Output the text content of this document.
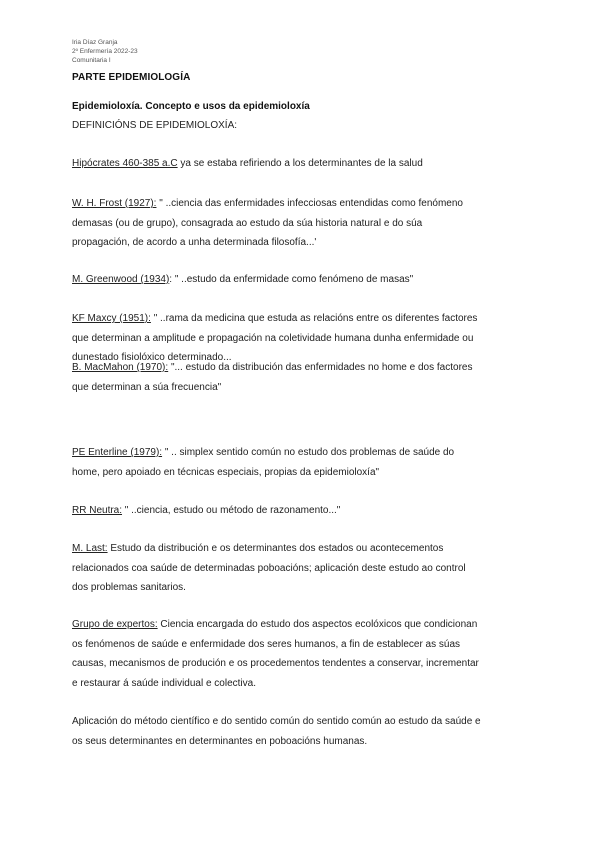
Iria Díaz Granja
2º Enfermería 2022-23
Comunitaria I
PARTE EPIDEMIOLOGÍA
Epidemioloxía. Concepto e usos da epidemioloxía
DEFINICIÓNS DE EPIDEMIOLOXÍA:
Hipócrates 460-385 a.C ya se estaba refiriendo a los determinantes de la salud
W. H. Frost (1927): " ..ciencia das enfermidades infecciosas entendidas como fenómeno
demasas (ou de grupo), consagrada ao estudo da súa historia natural e do súa
propagación, de acordo a unha determinada filosofía...'
M. Greenwood (1934): " ..estudo da enfermidade como fenómeno de masas"
KF Maxcy (1951): " ..rama da medicina que estuda as relacións entre os diferentes factores
que determinan a amplitude e propagación na coletividade humana dunha enfermidade ou
dunestado fisiolóxico determinado...
B. MacMahon (1970): "... estudo da distribución das enfermidades no home e dos factores
que determinan a súa frecuencia"
PE Enterline (1979): " .. simplex sentido común no estudo dos problemas de saúde do
home, pero apoiado en técnicas especiais, propias da epidemioloxía"
RR Neutra: " ..ciencia, estudo ou método de razonamento..."
M. Last: Estudo da distribución e os determinantes dos estados ou acontecementos
relacionados coa saúde de determinadas poboacións; aplicación deste estudo ao control
dos problemas sanitarios.
Grupo de expertos: Ciencia encargada do estudo dos aspectos ecolóxicos que condicionan
os fenómenos de saúde e enfermidade dos seres humanos, a fin de establecer as súas
causas, mecanismos de produción e os procedementos tendentes a conservar, incrementar
e restaurar á saúde individual e colectiva.
Aplicación do método científico e do sentido común do sentido común ao estudo da saúde e
os seus determinantes en determinantes en poboacións humanas.
